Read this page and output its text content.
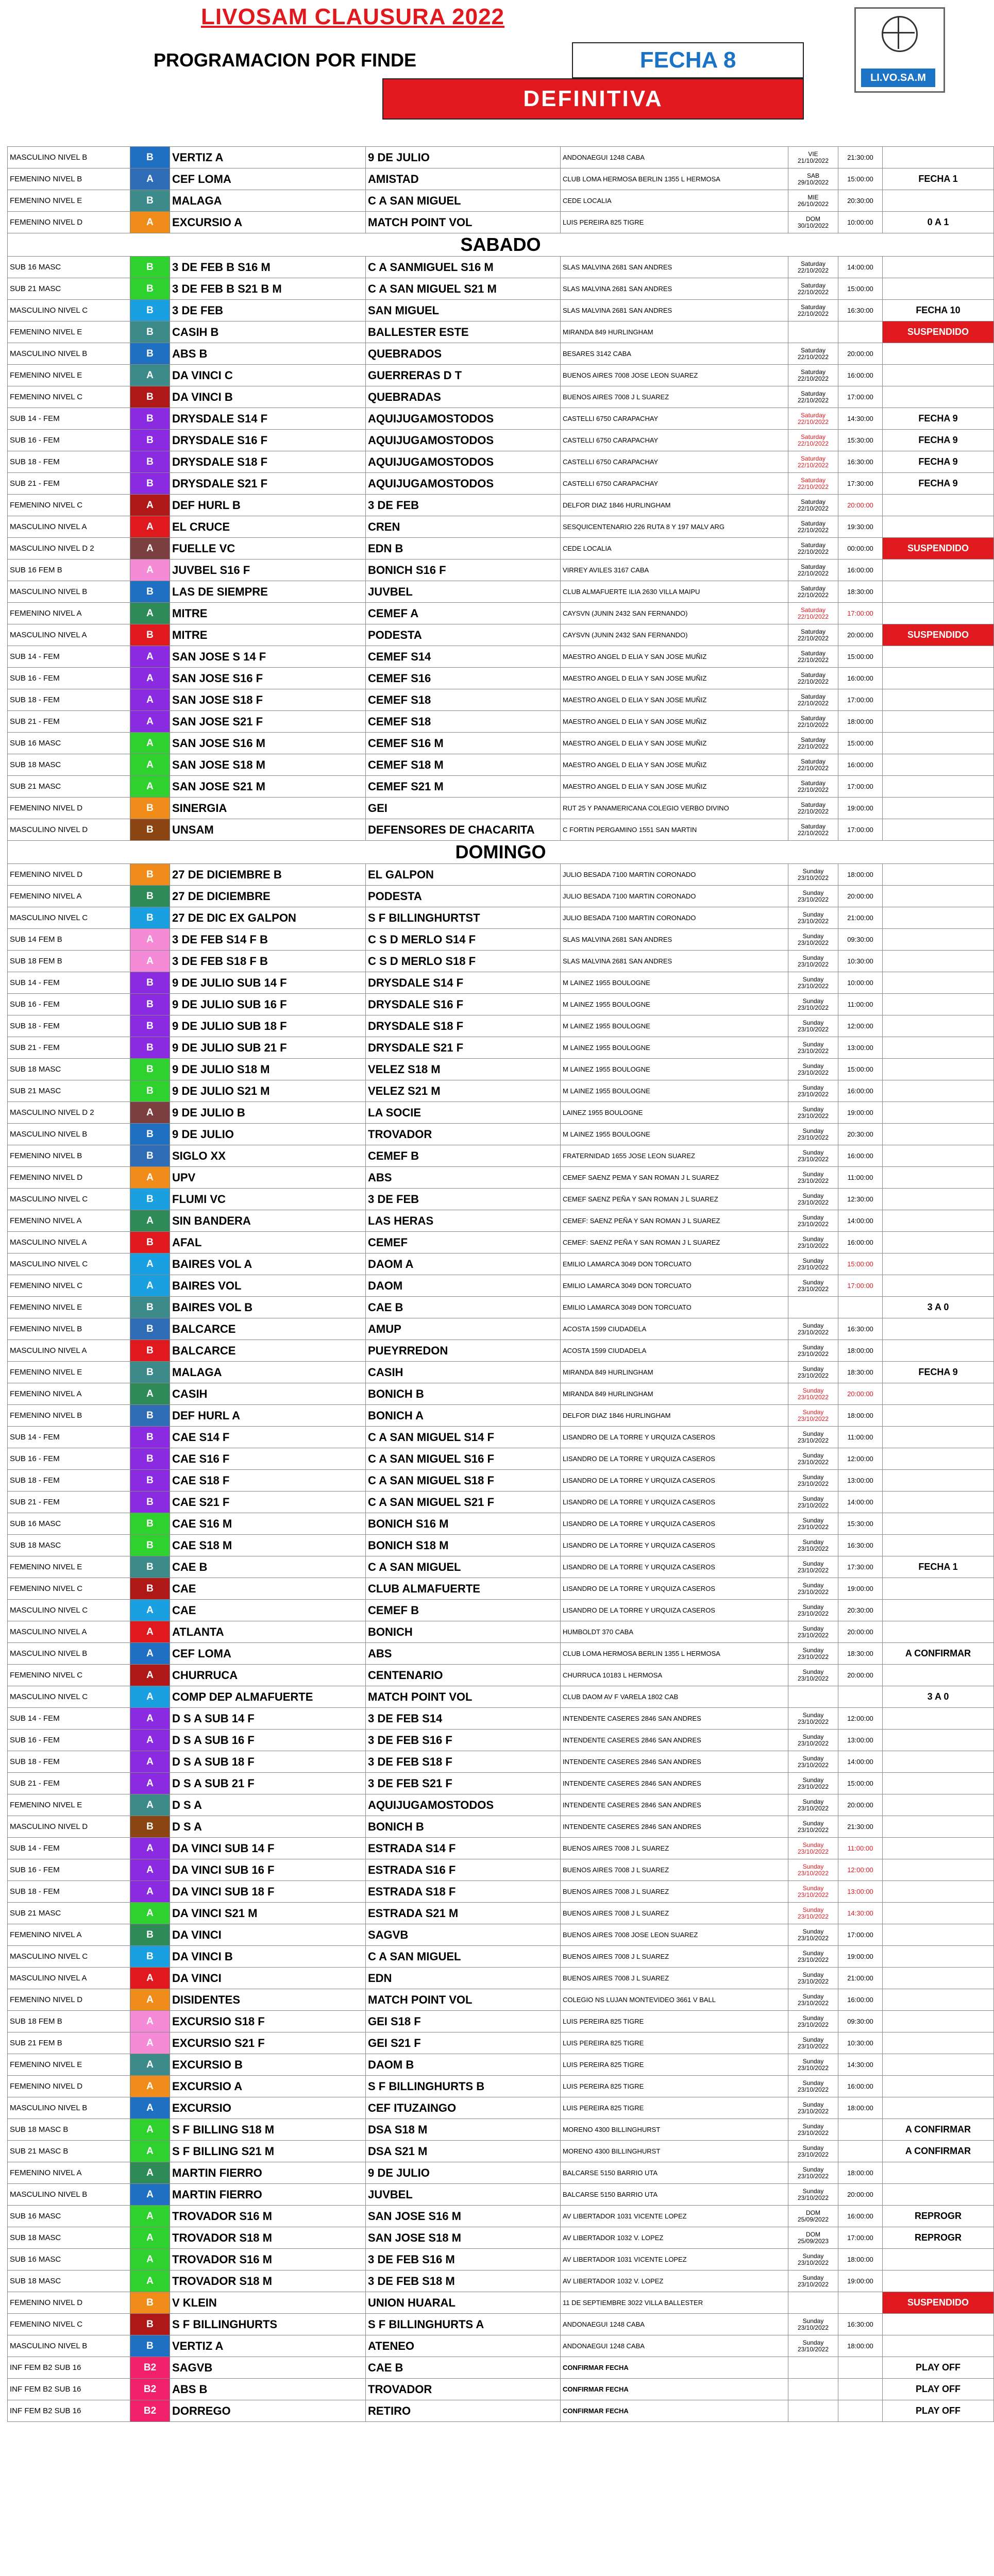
LIVOSAM CLAUSURA 2022
PROGRAMACION POR FINDE	FECHA 8
DEFINITIVA
LI.VO.SA.M
MASCULINO NIVEL B	B	VERTIZ A	9 DE JULIO	ANDONAEGUI 1248 CABA	VIE
21/10/2022	21:30:00	
FEMENINO NIVEL B	A	CEF LOMA	AMISTAD	CLUB LOMA HERMOSA BERLIN 1355 L HERMOSA	SAB
29/10/2022	15:00:00	FECHA 1
FEMENINO NIVEL E	B	MALAGA	C A SAN MIGUEL	CEDE LOCALIA	MIE
26/10/2022	20:30:00	
FEMENINO NIVEL D	A	EXCURSIO A	MATCH POINT VOL	LUIS PEREIRA 825 TIGRE	DOM
30/10/2022	10:00:00	0 A 1
SABADO							
SUB 16 MASC	B	3 DE FEB B S16 M	C A SANMIGUEL S16 M	SLAS MALVINA 2681 SAN ANDRES	Saturday
22/10/2022	14:00:00	
SUB 21 MASC	B	3 DE FEB B S21 B M	C A SAN MIGUEL S21 M	SLAS MALVINA 2681 SAN ANDRES	Saturday
22/10/2022	15:00:00	
MASCULINO NIVEL C	B	3 DE FEB	SAN MIGUEL	SLAS MALVINA 2681 SAN ANDRES	Saturday
22/10/2022	16:30:00	FECHA 10
FEMENINO NIVEL E	B	CASIH B	BALLESTER ESTE	MIRANDA 849 HURLINGHAM			SUSPENDIDO
MASCULINO NIVEL B	B	ABS B	QUEBRADOS	BESARES 3142 CABA	Saturday
22/10/2022	20:00:00	
FEMENINO NIVEL E	A	DA VINCI C	GUERRERAS D T	BUENOS AIRES 7008 JOSE LEON SUAREZ	Saturday
22/10/2022	16:00:00	
FEMENINO NIVEL C	B	DA VINCI B	QUEBRADAS	BUENOS AIRES 7008 J L SUAREZ	Saturday
22/10/2022	17:00:00	
SUB 14 - FEM	B	DRYSDALE S14 F	AQUIJUGAMOSTODOS	CASTELLI 6750 CARAPACHAY	Saturday
22/10/2022	14:30:00	FECHA 9
SUB 16 - FEM	B	DRYSDALE S16 F	AQUIJUGAMOSTODOS	CASTELLI 6750 CARAPACHAY	Saturday
22/10/2022	15:30:00	FECHA 9
SUB 18 - FEM	B	DRYSDALE S18 F	AQUIJUGAMOSTODOS	CASTELLI 6750 CARAPACHAY	Saturday
22/10/2022	16:30:00	FECHA 9
SUB 21 - FEM	B	DRYSDALE S21 F	AQUIJUGAMOSTODOS	CASTELLI 6750 CARAPACHAY	Saturday
22/10/2022	17:30:00	FECHA 9
FEMENINO NIVEL C	A	DEF HURL B	3 DE FEB	DELFOR DIAZ 1846 HURLINGHAM	Saturday
22/10/2022	20:00:00	
MASCULINO NIVEL A	A	EL CRUCE	CREN	SESQUICENTENARIO 226 RUTA 8 Y 197 MALV ARG	Saturday
22/10/2022	19:30:00	
MASCULINO NIVEL D 2	A	FUELLE VC	EDN B	CEDE LOCALIA	Saturday
22/10/2022	00:00:00	SUSPENDIDO
SUB 16 FEM B	A	JUVBEL S16 F	BONICH S16 F	VIRREY AVILES 3167 CABA	Saturday
22/10/2022	16:00:00	
MASCULINO NIVEL B	B	LAS DE SIEMPRE	JUVBEL	CLUB ALMAFUERTE ILIA 2630 VILLA MAIPU	Saturday
22/10/2022	18:30:00	
FEMENINO NIVEL A	A	MITRE	CEMEF A	CAYSVN (JUNIN 2432 SAN FERNANDO)	Saturday
22/10/2022	17:00:00	
MASCULINO NIVEL A	B	MITRE	PODESTA	CAYSVN (JUNIN 2432 SAN FERNANDO)	Saturday
22/10/2022	20:00:00	SUSPENDIDO
SUB 14 - FEM	A	SAN JOSE S 14 F	CEMEF S14	MAESTRO ANGEL D ELIA Y SAN JOSE MUÑIZ	Saturday
22/10/2022	15:00:00	
SUB 16 - FEM	A	SAN JOSE S16 F	CEMEF S16	MAESTRO ANGEL D ELIA Y SAN JOSE MUÑIZ	Saturday
22/10/2022	16:00:00	
SUB 18 - FEM	A	SAN JOSE S18 F	CEMEF S18	MAESTRO ANGEL D ELIA Y SAN JOSE MUÑIZ	Saturday
22/10/2022	17:00:00	
SUB 21 - FEM	A	SAN JOSE S21 F	CEMEF S18	MAESTRO ANGEL D ELIA Y SAN JOSE MUÑIZ	Saturday
22/10/2022	18:00:00	
SUB 16 MASC	A	SAN JOSE S16 M	CEMEF S16 M	MAESTRO ANGEL D ELIA Y SAN JOSE MUÑIZ	Saturday
22/10/2022	15:00:00	
SUB 18 MASC	A	SAN JOSE S18 M	CEMEF S18 M	MAESTRO ANGEL D ELIA Y SAN JOSE MUÑIZ	Saturday
22/10/2022	16:00:00	
SUB 21 MASC	A	SAN JOSE S21 M	CEMEF S21 M	MAESTRO ANGEL D ELIA Y SAN JOSE MUÑIZ	Saturday
22/10/2022	17:00:00	
FEMENINO NIVEL D	B	SINERGIA	GEI	RUT 25 Y PANAMERICANA COLEGIO VERBO DIVINO	Saturday
22/10/2022	19:00:00	
MASCULINO NIVEL D	B	UNSAM	DEFENSORES DE CHACARITA	C FORTIN PERGAMINO 1551 SAN MARTIN	Saturday
22/10/2022	17:00:00	
DOMINGO							
FEMENINO NIVEL D	B	27 DE DICIEMBRE B	EL GALPON	JULIO BESADA 7100 MARTIN CORONADO	Sunday
23/10/2022	18:00:00	
FEMENINO NIVEL A	B	27 DE DICIEMBRE	PODESTA	JULIO BESADA 7100 MARTIN CORONADO	Sunday
23/10/2022	20:00:00	
MASCULINO NIVEL C	B	27 DE DIC EX GALPON	S F BILLINGHURTST	JULIO BESADA 7100 MARTIN CORONADO	Sunday
23/10/2022	21:00:00	
SUB 14 FEM B	A	3 DE FEB S14 F B	C S D MERLO S14 F	SLAS MALVINA 2681 SAN ANDRES	Sunday
23/10/2022	09:30:00	
SUB 18 FEM B	A	3 DE FEB S18 F B	C S D MERLO S18 F	SLAS MALVINA 2681 SAN ANDRES	Sunday
23/10/2022	10:30:00	
SUB 14 - FEM	B	9 DE JULIO SUB 14 F	DRYSDALE S14 F	M LAINEZ 1955 BOULOGNE	Sunday
23/10/2022	10:00:00	
SUB 16 - FEM	B	9 DE JULIO SUB 16 F	DRYSDALE S16 F	M LAINEZ 1955 BOULOGNE	Sunday
23/10/2022	11:00:00	
SUB 18 - FEM	B	9 DE JULIO SUB 18 F	DRYSDALE S18 F	M LAINEZ 1955 BOULOGNE	Sunday
23/10/2022	12:00:00	
SUB 21 - FEM	B	9 DE JULIO SUB 21 F	DRYSDALE S21 F	M LAINEZ 1955 BOULOGNE	Sunday
23/10/2022	13:00:00	
SUB 18 MASC	B	9 DE JULIO S18 M	VELEZ S18 M	M LAINEZ 1955 BOULOGNE	Sunday
23/10/2022	15:00:00	
SUB 21 MASC	B	9 DE JULIO S21 M	VELEZ S21 M	M LAINEZ 1955 BOULOGNE	Sunday
23/10/2022	16:00:00	
MASCULINO NIVEL D 2	A	9 DE JULIO B	LA SOCIE	LAINEZ 1955 BOULOGNE	Sunday
23/10/2022	19:00:00	
MASCULINO NIVEL B	B	9 DE JULIO	TROVADOR	M LAINEZ 1955 BOULOGNE	Sunday
23/10/2022	20:30:00	
FEMENINO NIVEL B	B	SIGLO XX	CEMEF B	FRATERNIDAD 1655 JOSE LEON SUAREZ	Sunday
23/10/2022	16:00:00	
FEMENINO NIVEL D	A	UPV	ABS	CEMEF SAENZ PEMA Y SAN ROMAN J L SUAREZ	Sunday
23/10/2022	11:00:00	
MASCULINO NIVEL C	B	FLUMI VC	3 DE FEB	CEMEF SAENZ PEÑA Y SAN ROMAN J L SUAREZ	Sunday
23/10/2022	12:30:00	
FEMENINO NIVEL A	A	SIN BANDERA	LAS HERAS	CEMEF: SAENZ PEÑA Y SAN ROMAN J L SUAREZ	Sunday
23/10/2022	14:00:00	
MASCULINO NIVEL A	B	AFAL	CEMEF	CEMEF: SAENZ PEÑA Y SAN ROMAN J L SUAREZ	Sunday
23/10/2022	16:00:00	
MASCULINO NIVEL C	A	BAIRES VOL A	DAOM A	EMILIO LAMARCA 3049 DON TORCUATO	Sunday
23/10/2022	15:00:00	
FEMENINO NIVEL C	A	BAIRES VOL	DAOM	EMILIO LAMARCA 3049 DON TORCUATO	Sunday
23/10/2022	17:00:00	
FEMENINO NIVEL E	B	BAIRES VOL B	CAE B	EMILIO LAMARCA 3049 DON TORCUATO			3 A 0
FEMENINO NIVEL B	B	BALCARCE	AMUP	ACOSTA 1599 CIUDADELA	Sunday
23/10/2022	16:30:00	
MASCULINO NIVEL A	B	BALCARCE	PUEYRREDON	ACOSTA 1599 CIUDADELA	Sunday
23/10/2022	18:00:00	
FEMENINO NIVEL E	B	MALAGA	CASIH	MIRANDA 849 HURLINGHAM	Sunday
23/10/2022	18:30:00	FECHA 9
FEMENINO NIVEL A	A	CASIH	BONICH B	MIRANDA 849 HURLINGHAM	Sunday
23/10/2022	20:00:00	
FEMENINO NIVEL B	B	DEF HURL A	BONICH A	DELFOR DIAZ 1846 HURLINGHAM	Sunday
23/10/2022	18:00:00	
SUB 14 - FEM	B	CAE S14 F	C A SAN MIGUEL S14 F	LISANDRO DE LA TORRE Y URQUIZA CASEROS	Sunday
23/10/2022	11:00:00	
SUB 16 - FEM	B	CAE S16 F	C A SAN MIGUEL S16 F	LISANDRO DE LA TORRE Y URQUIZA CASEROS	Sunday
23/10/2022	12:00:00	
SUB 18 - FEM	B	CAE S18 F	C A SAN MIGUEL S18 F	LISANDRO DE LA TORRE Y URQUIZA CASEROS	Sunday
23/10/2022	13:00:00	
SUB 21 - FEM	B	CAE S21 F	C A SAN MIGUEL S21 F	LISANDRO DE LA TORRE Y URQUIZA CASEROS	Sunday
23/10/2022	14:00:00	
SUB 16 MASC	B	CAE S16 M	BONICH S16 M	LISANDRO DE LA TORRE Y URQUIZA CASEROS	Sunday
23/10/2022	15:30:00	
SUB 18 MASC	B	CAE S18 M	BONICH S18 M	LISANDRO DE LA TORRE Y URQUIZA CASEROS	Sunday
23/10/2022	16:30:00	
FEMENINO NIVEL E	B	CAE B	C A SAN MIGUEL	LISANDRO DE LA TORRE Y URQUIZA CASEROS	Sunday
23/10/2022	17:30:00	FECHA 1
FEMENINO NIVEL C	B	CAE	CLUB ALMAFUERTE	LISANDRO DE LA TORRE Y URQUIZA CASEROS	Sunday
23/10/2022	19:00:00	
MASCULINO NIVEL C	A	CAE	CEMEF B	LISANDRO DE LA TORRE Y URQUIZA CASEROS	Sunday
23/10/2022	20:30:00	
MASCULINO NIVEL A	A	ATLANTA	BONICH	HUMBOLDT 370 CABA	Sunday
23/10/2022	20:00:00	
MASCULINO NIVEL B	A	CEF LOMA	ABS	CLUB LOMA HERMOSA BERLIN 1355 L HERMOSA	Sunday
23/10/2022	18:30:00	A CONFIRMAR
FEMENINO NIVEL C	A	CHURRUCA	CENTENARIO	CHURRUCA 10183 L HERMOSA	Sunday
23/10/2022	20:00:00	
MASCULINO NIVEL C	A	COMP DEP ALMAFUERTE	MATCH POINT VOL	CLUB DAOM AV F VARELA 1802 CAB			3 A 0
SUB 14 - FEM	A	D S A SUB 14 F	3 DE FEB S14	INTENDENTE CASERES 2846 SAN ANDRES	Sunday
23/10/2022	12:00:00	
SUB 16 - FEM	A	D S A SUB 16 F	3 DE FEB S16 F	INTENDENTE CASERES 2846 SAN ANDRES	Sunday
23/10/2022	13:00:00	
SUB 18 - FEM	A	D S A SUB 18 F	3 DE FEB S18 F	INTENDENTE CASERES 2846 SAN ANDRES	Sunday
23/10/2022	14:00:00	
SUB 21 - FEM	A	D S A SUB 21 F	3 DE FEB S21 F	INTENDENTE CASERES 2846 SAN ANDRES	Sunday
23/10/2022	15:00:00	
FEMENINO NIVEL E	A	D S A	AQUIJUGAMOSTODOS	INTENDENTE CASERES 2846 SAN ANDRES	Sunday
23/10/2022	20:00:00	
MASCULINO NIVEL D	B	D S A	BONICH B	INTENDENTE CASERES 2846 SAN ANDRES	Sunday
23/10/2022	21:30:00	
SUB 14 - FEM	A	DA VINCI SUB 14 F	ESTRADA S14 F	BUENOS AIRES 7008 J L SUAREZ	Sunday
23/10/2022	11:00:00	
SUB 16 - FEM	A	DA VINCI SUB 16 F	ESTRADA S16 F	BUENOS AIRES 7008 J L SUAREZ	Sunday
23/10/2022	12:00:00	
SUB 18 - FEM	A	DA VINCI SUB 18 F	ESTRADA S18 F	BUENOS AIRES 7008 J L SUAREZ	Sunday
23/10/2022	13:00:00	
SUB 21 MASC	A	DA VINCI S21 M	ESTRADA S21 M	BUENOS AIRES 7008 J L SUAREZ	Sunday
23/10/2022	14:30:00	
FEMENINO NIVEL A	B	DA VINCI	SAGVB	BUENOS AIRES 7008 JOSE LEON SUAREZ	Sunday
23/10/2022	17:00:00	
MASCULINO NIVEL C	B	DA VINCI B	C A SAN MIGUEL	BUENOS AIRES 7008 J L SUAREZ	Sunday
23/10/2022	19:00:00	
MASCULINO NIVEL A	A	DA VINCI	EDN	BUENOS AIRES 7008 J L SUAREZ	Sunday
23/10/2022	21:00:00	
FEMENINO NIVEL D	A	DISIDENTES	MATCH POINT VOL	COLEGIO NS LUJAN MONTEVIDEO 3661 V BALL	Sunday
23/10/2022	16:00:00	
SUB 18 FEM B	A	EXCURSIO S18 F	GEI S18 F	LUIS PEREIRA 825 TIGRE	Sunday
23/10/2022	09:30:00	
SUB 21 FEM B	A	EXCURSIO S21 F	GEI S21 F	LUIS PEREIRA 825 TIGRE	Sunday
23/10/2022	10:30:00	
FEMENINO NIVEL E	A	EXCURSIO B	DAOM B	LUIS PEREIRA 825 TIGRE	Sunday
23/10/2022	14:30:00	
FEMENINO NIVEL D	A	EXCURSIO A	S F BILLINGHURTS B	LUIS PEREIRA 825 TIGRE	Sunday
23/10/2022	16:00:00	
MASCULINO NIVEL B	A	EXCURSIO	CEF ITUZAINGO	LUIS PEREIRA 825 TIGRE	Sunday
23/10/2022	18:00:00	
SUB 18 MASC B	A	S F BILLING S18 M	DSA S18 M	MORENO 4300 BILLINGHURST	Sunday
23/10/2022		A CONFIRMAR
SUB 21 MASC B	A	S F BILLING S21 M	DSA S21 M	MORENO 4300 BILLINGHURST	Sunday
23/10/2022		A CONFIRMAR
FEMENINO NIVEL A	A	MARTIN FIERRO	9 DE JULIO	BALCARSE 5150 BARRIO UTA	Sunday
23/10/2022	18:00:00	
MASCULINO NIVEL B	A	MARTIN FIERRO	JUVBEL	BALCARSE 5150 BARRIO UTA	Sunday
23/10/2022	20:00:00	
SUB 16 MASC	A	TROVADOR S16 M	SAN JOSE S16 M	AV LIBERTADOR 1031 VICENTE LOPEZ	DOM
25/09/2022	16:00:00	REPROGR
SUB 18 MASC	A	TROVADOR S18 M	SAN JOSE S18 M	AV LIBERTADOR 1032 V. LOPEZ	DOM
25/09/2023	17:00:00	REPROGR
SUB 16 MASC	A	TROVADOR S16 M	3 DE FEB S16 M	AV LIBERTADOR 1031 VICENTE LOPEZ	Sunday
23/10/2022	18:00:00	
SUB 18 MASC	A	TROVADOR S18 M	3 DE FEB S18 M	AV LIBERTADOR 1032 V. LOPEZ	Sunday
23/10/2022	19:00:00	
FEMENINO NIVEL D	B	V KLEIN	UNION HUARAL	11 DE SEPTIEMBRE 3022 VILLA BALLESTER			SUSPENDIDO
FEMENINO NIVEL C	B	S F BILLINGHURTS	S F BILLINGHURTS A	ANDONAEGUI 1248 CABA	Sunday
23/10/2022	16:30:00	
MASCULINO NIVEL B	B	VERTIZ A	ATENEO	ANDONAEGUI 1248 CABA	Sunday
23/10/2022	18:00:00	
INF FEM B2 SUB 16	B2	SAGVB	CAE B	CONFIRMAR FECHA			PLAY OFF
INF FEM B2 SUB 16	B2	ABS B	TROVADOR	CONFIRMAR FECHA			PLAY OFF
INF FEM B2 SUB 16	B2	DORREGO	RETIRO	CONFIRMAR FECHA			PLAY OFF
